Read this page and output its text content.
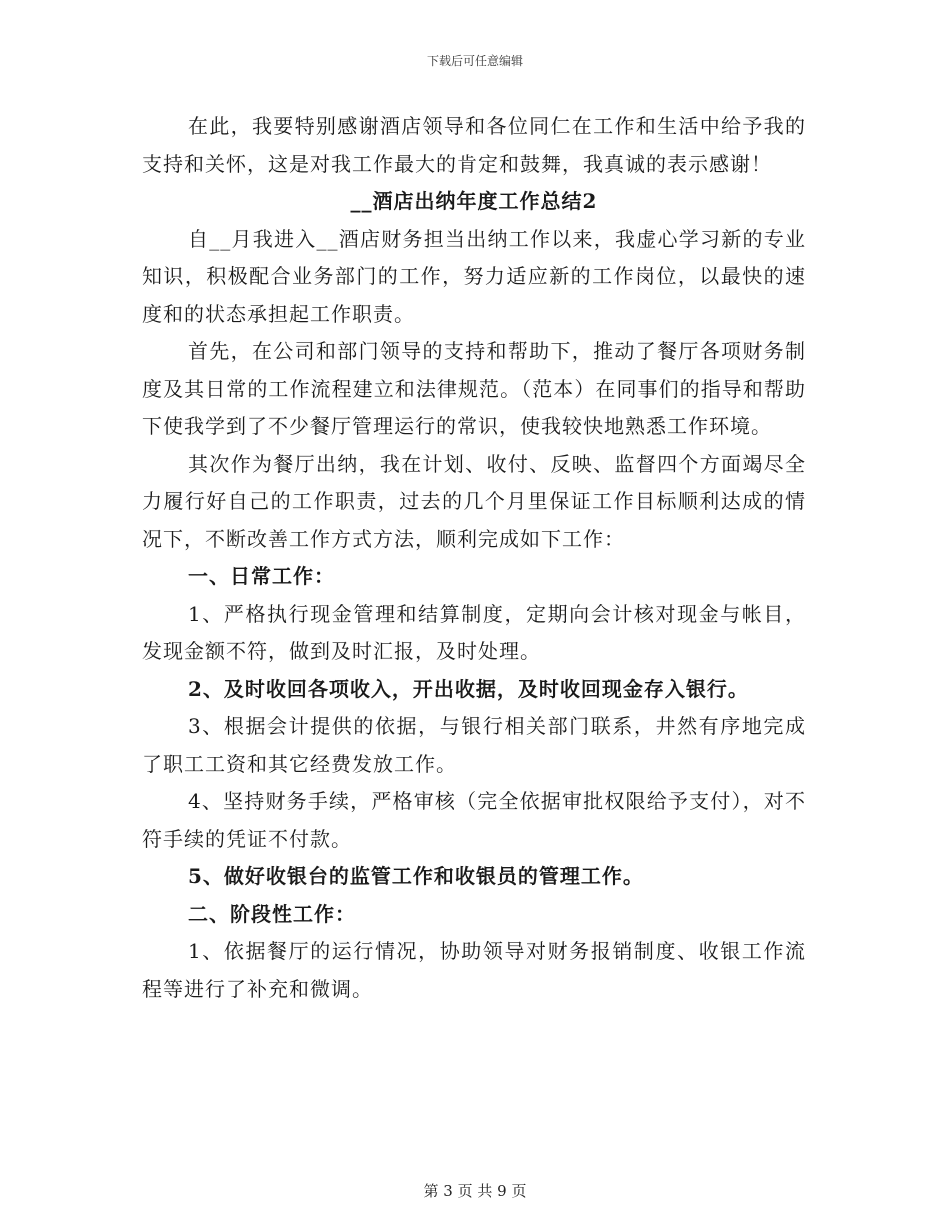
下载后可任意编辑

在此，我要特别感谢酒店领导和各位同仁在工作和生活中给予我的支持和关怀，这是对我工作最大的肯定和鼓舞，我真诚的表示感谢！

__酒店出纳年度工作总结2

自__月我进入__酒店财务担当出纳工作以来，我虚心学习新的专业知识，积极配合业务部门的工作，努力适应新的工作岗位，以最快的速度和的状态承担起工作职责。

首先，在公司和部门领导的支持和帮助下，推动了餐厅各项财务制度及其日常的工作流程建立和法律规范。（范本）在同事们的指导和帮助下使我学到了不少餐厅管理运行的常识，使我较快地熟悉工作环境。

其次作为餐厅出纳，我在计划、收付、反映、监督四个方面竭尽全力履行好自己的工作职责，过去的几个月里保证工作目标顺利达成的情况下，不断改善工作方式方法，顺利完成如下工作：

一、日常工作：

1、严格执行现金管理和结算制度，定期向会计核对现金与帐目，发现金额不符，做到及时汇报，及时处理。

2、及时收回各项收入，开出收据，及时收回现金存入银行。

3、根据会计提供的依据，与银行相关部门联系，井然有序地完成了职工工资和其它经费发放工作。

4、坚持财务手续，严格审核（完全依据审批权限给予支付），对不符手续的凭证不付款。

5、做好收银台的监管工作和收银员的管理工作。

二、阶段性工作：

1、依据餐厅的运行情况，协助领导对财务报销制度、收银工作流程等进行了补充和微调。

第 3 页 共 9 页
